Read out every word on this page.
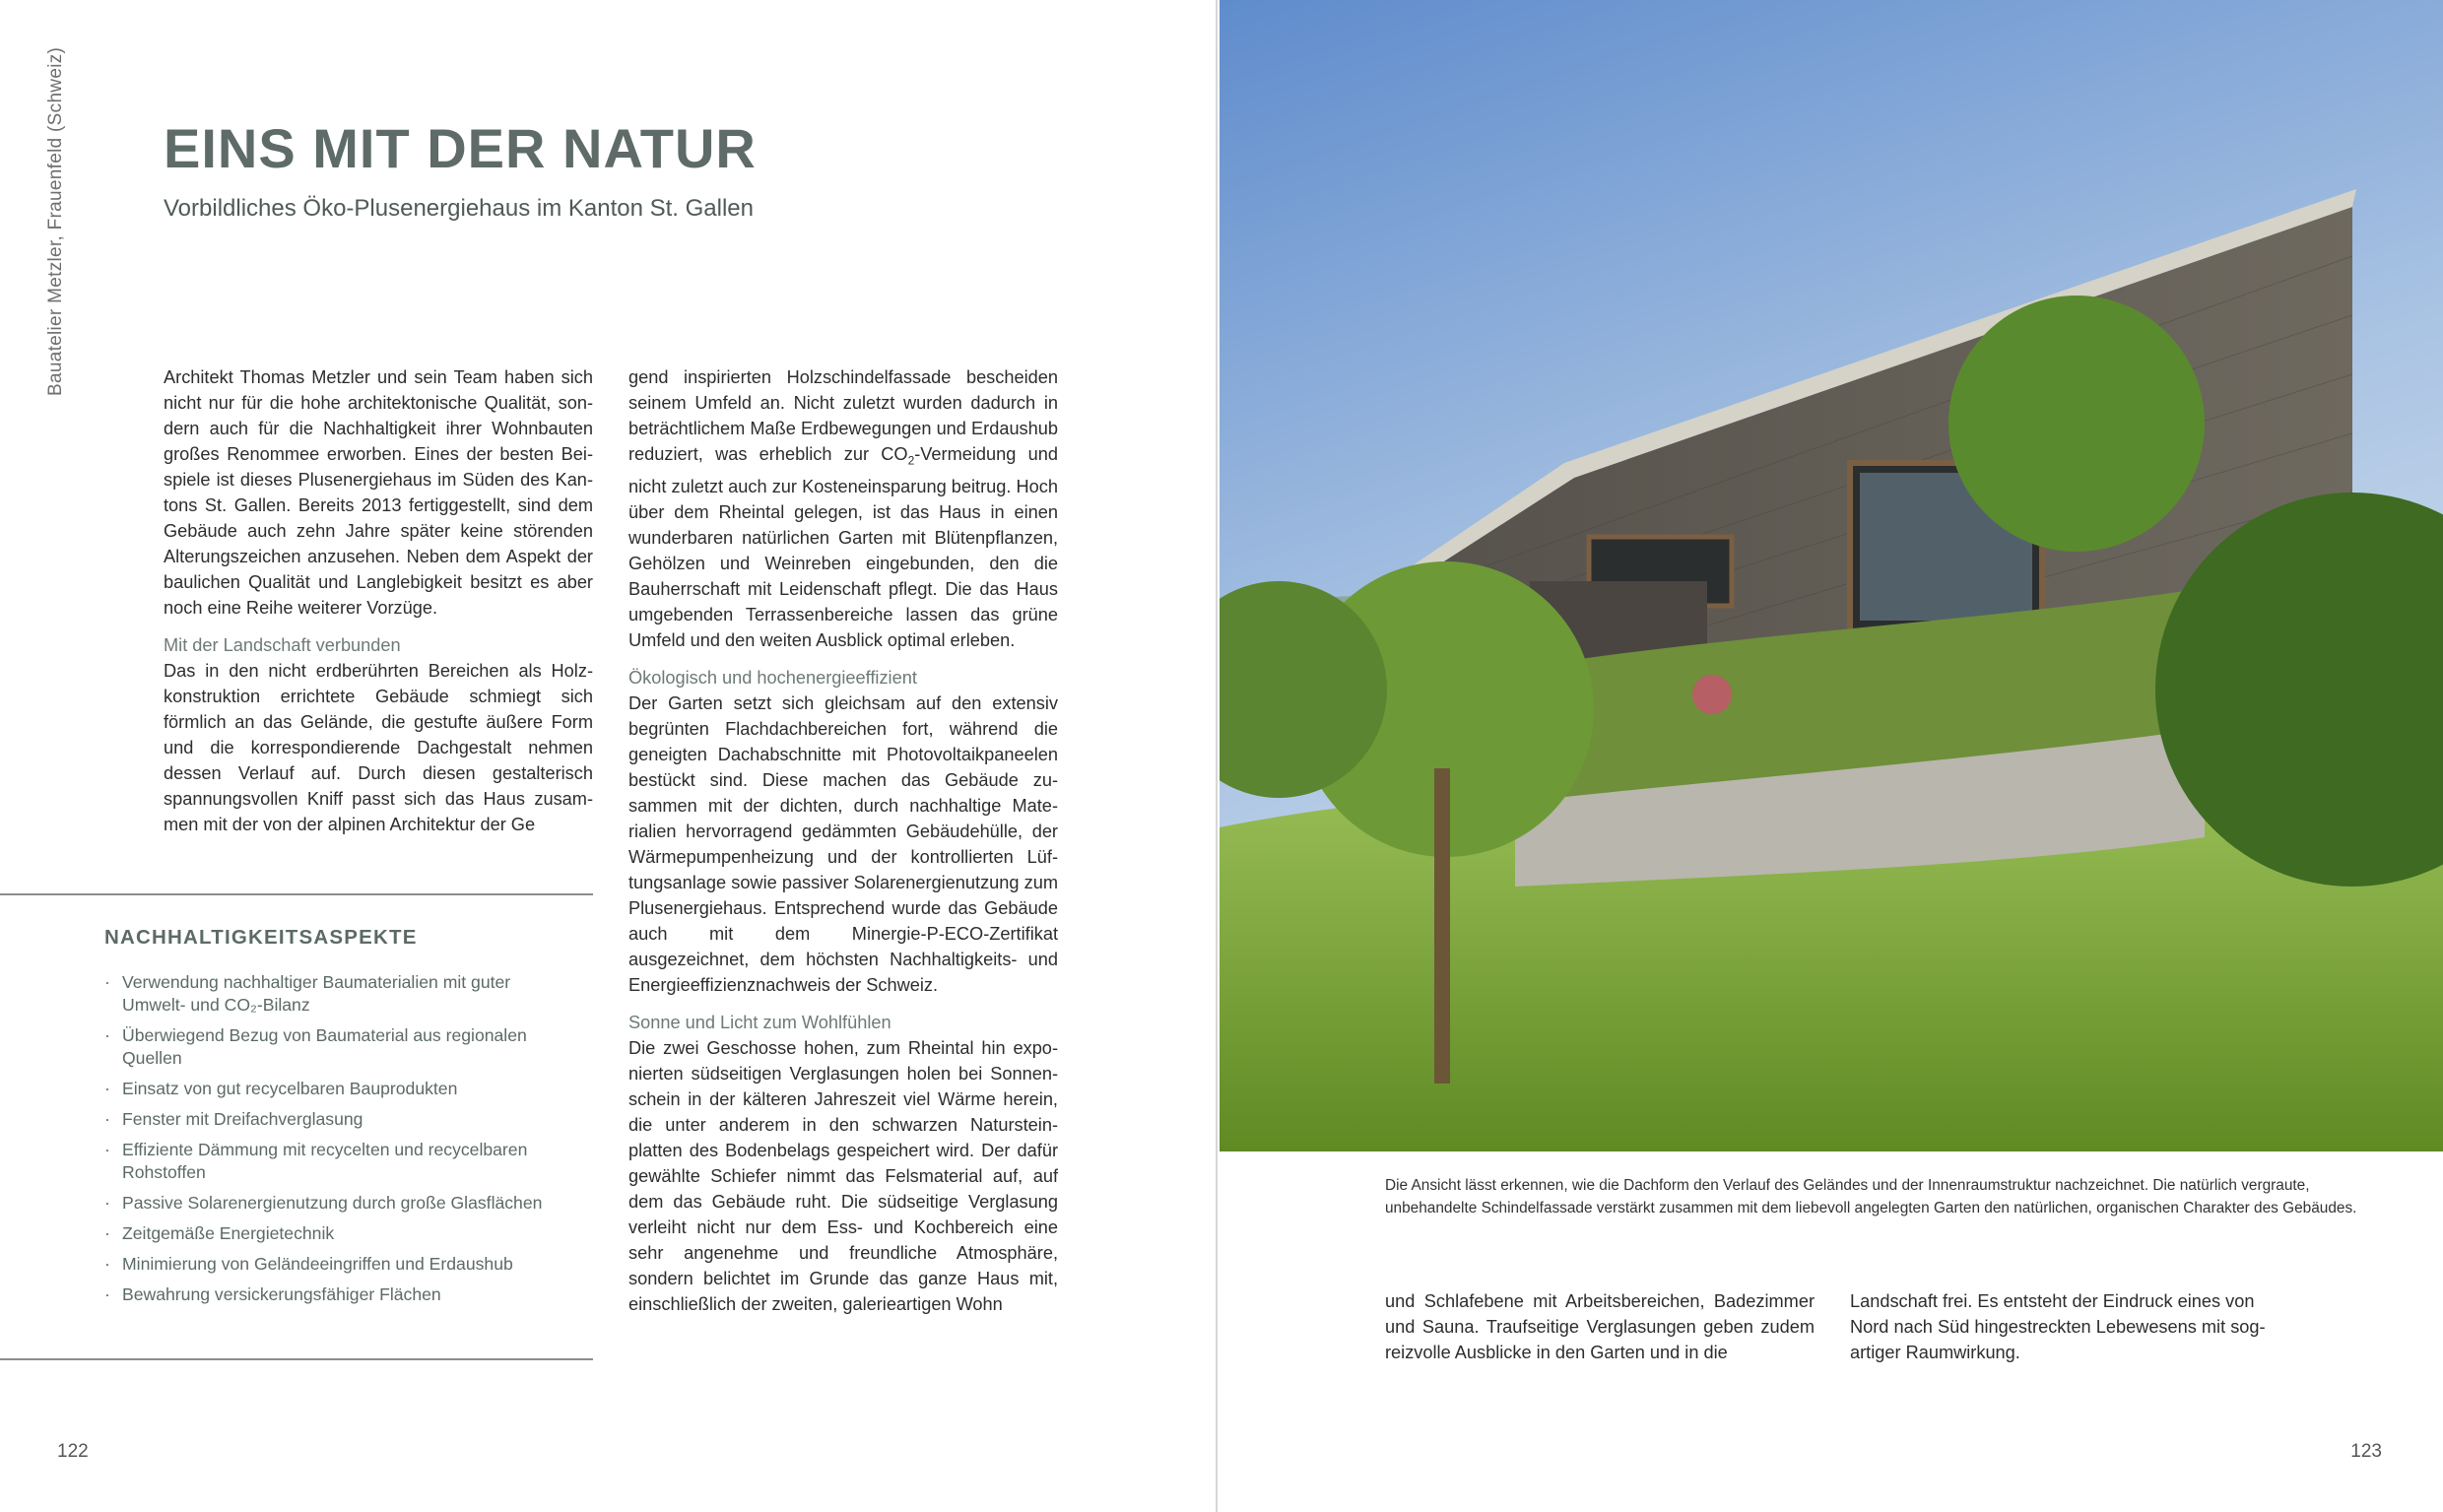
Bauatelier Metzler, Frauenfeld (Schweiz) EINS MIT DER NATUR

Vorbildliches Öko-Plusenergiehaus im Kanton St. Gallen

Architekt Thomas Metzler und sein Team haben sich nicht nur für die hohe architektonische Qualität, sondern auch für die Nachhaltigkeit ihrer Wohnbauten großes Renommee erworben. Eines der besten Beispiele ist dieses Plusenergiehaus im Süden des Kantons St. Gallen. Bereits 2013 fertiggestellt, sind dem Gebäude auch zehn Jahre später keine störenden Alterungszeichen anzusehen. Neben dem Aspekt der baulichen Qualität und Langlebigkeit besitzt es aber noch eine Reihe weiterer Vorzüge.

Mit der Landschaft verbunden

Das in den nicht erdberührten Bereichen als Holzkonstruktion errichtete Gebäude schmiegt sich förmlich an das Gelände, die gestufte äußere Form und die korrespondierende Dachgestalt nehmen dessen Verlauf auf. Durch diesen gestalterisch spannungsvollen Kniff passt sich das Haus zusammen mit der von der alpinen Architektur der Ge

gend inspirierten Holzschindelfassade bescheiden seinem Umfeld an. Nicht zuletzt wurden dadurch in beträchtlichem Maße Erdbewegungen und Erdaushub reduziert, was erheblich zur $CO_2$-Vermeidung und nicht zuletzt auch zur Kosteneinsparung beitrug. Hoch über dem Rheintal gelegen, ist das Haus in einen wunderbaren natürlichen Garten mit Blütenpflanzen, Gehölzen und Weinreben eingebunden, den die Bauherrschaft mit Leidenschaft pflegt. Die das Haus umgebenden Terrassenbereiche lassen das grüne Umfeld und den weiten Ausblick optimal erleben.

Ökologisch und hochenergieeffizient

Der Garten setzt sich gleichsam auf den extensiv begrünten Flachdachbereichen fort, während die geneigten Dachabschnitte mit Photovoltaikpaneelen bestückt sind. Diese machen das Gebäude zusammen mit der dichten, durch nachhaltige Materialien hervorragend gedämmten Gebäudehülle, der Wärmepumpenheizung und der kontrollierten Lüftungsanlage sowie passiver Solarenergienutzung zum Plusenergiehaus. Entsprechend wurde das Gebäude auch mit dem Minergie-P-ECO-Zertifikat ausgezeichnet, dem höchsten Nachhaltigkeits- und Energieeffizienznachweis der Schweiz.

Sonne und Licht zum Wohlfühlen

Die zwei Geschosse hohen, zum Rheintal hin exponierten südseitigen Verglasungen holen bei Sonnenschein in der kälteren Jahreszeit viel Wärme herein, die unter anderem in den schwarzen Natursteinplatten des Bodenbelags gespeichert wird. Der dafür gewählte Schiefer nimmt das Felsmaterial auf, auf dem das Gebäude ruht. Die südseitige Verglasung verleiht nicht nur dem Ess- und Kochbereich eine sehr angenehme und freundliche Atmosphäre, sondern belichtet im Grunde das ganze Haus mit, einschließlich der zweiten, galerieartigen Wohn

NACHHALTIGKEITSASPEKTE
· Verwendung nachhaltiger Baumaterialien mit guter Umwelt- und CO₂-Bilanz
· Überwiegend Bezug von Baumaterial aus regionalen Quellen
· Einsatz von gut recycelbaren Bauprodukten
· Fenster mit Dreifachverglasung
· Effiziente Dämmung mit recycelten und recycelbaren Rohstoffen
· Passive Solarenergienutzung durch große Glasflächen
· Zeitgemäße Energietechnik
· Minimierung von Geländeeingriffen und Erdaushub
· Bewahrung versickerungsfähiger Flächen
122
Die Ansicht lässt erkennen, wie die Dachform den Verlauf des Geländes und der Innenraumstruktur nachzeichnet. Die natürlich vergraute, unbehandelte Schindelfassade verstärkt zusammen mit dem liebevoll angelegten Garten den natürlichen, organischen Charakter des Gebäudes.
und Schlafebene mit Arbeitsbereichen, Badezimmer und Sauna. Traufseitige Verglasungen geben zudem reizvolle Ausblicke in den Garten und in die
Landschaft frei. Es entsteht der Eindruck eines von Nord nach Süd hingestreckten Lebewesens mit sogartiger Raumwirkung.
123
